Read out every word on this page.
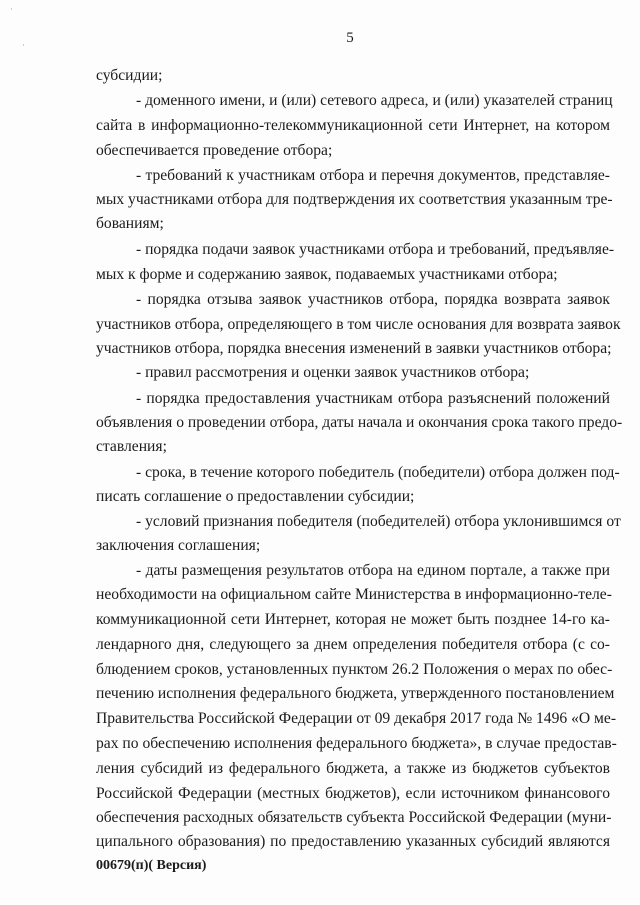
·
·	5
субсидии;
- доменного имени, и (или) сетевого адреса, и (или) указателей страниц
сайта в информационно-телекоммуникационной сети Интернет, на котором
обеспечивается проведение отбора;
- требований к участникам отбора и перечня документов, представляе-
мых участниками отбора для подтверждения их соответствия указанным тре-
бованиям;
- порядка подачи заявок участниками отбора и требований, предъявляе-
мых к форме и содержанию заявок, подаваемых участниками отбора;
- порядка отзыва заявок участников отбора, порядка возврата заявок
участников отбора, определяющего в том числе основания для возврата заявок
участников отбора, порядка внесения изменений в заявки участников отбора;
- правил рассмотрения и оценки заявок участников отбора;
- порядка предоставления участникам отбора разъяснений положений
объявления о проведении отбора, даты начала и окончания срока такого предо-
ставления;
- срока, в течение которого победитель (победители) отбора должен под-
писать соглашение о предоставлении субсидии;
- условий признания победителя (победителей) отбора уклонившимся от
заключения соглашения;
- даты размещения результатов отбора на едином портале, а также при
необходимости на официальном сайте Министерства в информационно-теле-
коммуникационной сети Интернет, которая не может быть позднее 14-го ка-
лендарного дня, следующего за днем определения победителя отбора (с со-
блюдением сроков, установленных пунктом 26.2 Положения о мерах по обес-
печению исполнения федерального бюджета, утвержденного постановлением
Правительства Российской Федерации от 09 декабря 2017 года № 1496 «О ме-
рах по обеспечению исполнения федерального бюджета», в случае предостав-
ления субсидий из федерального бюджета, а также из бюджетов субъектов
Российской Федерации (местных бюджетов), если источником финансового
обеспечения расходных обязательств субъекта Российской Федерации (муни-
ципального образования) по предоставлению указанных субсидий являются
00679(п)( Версия)
